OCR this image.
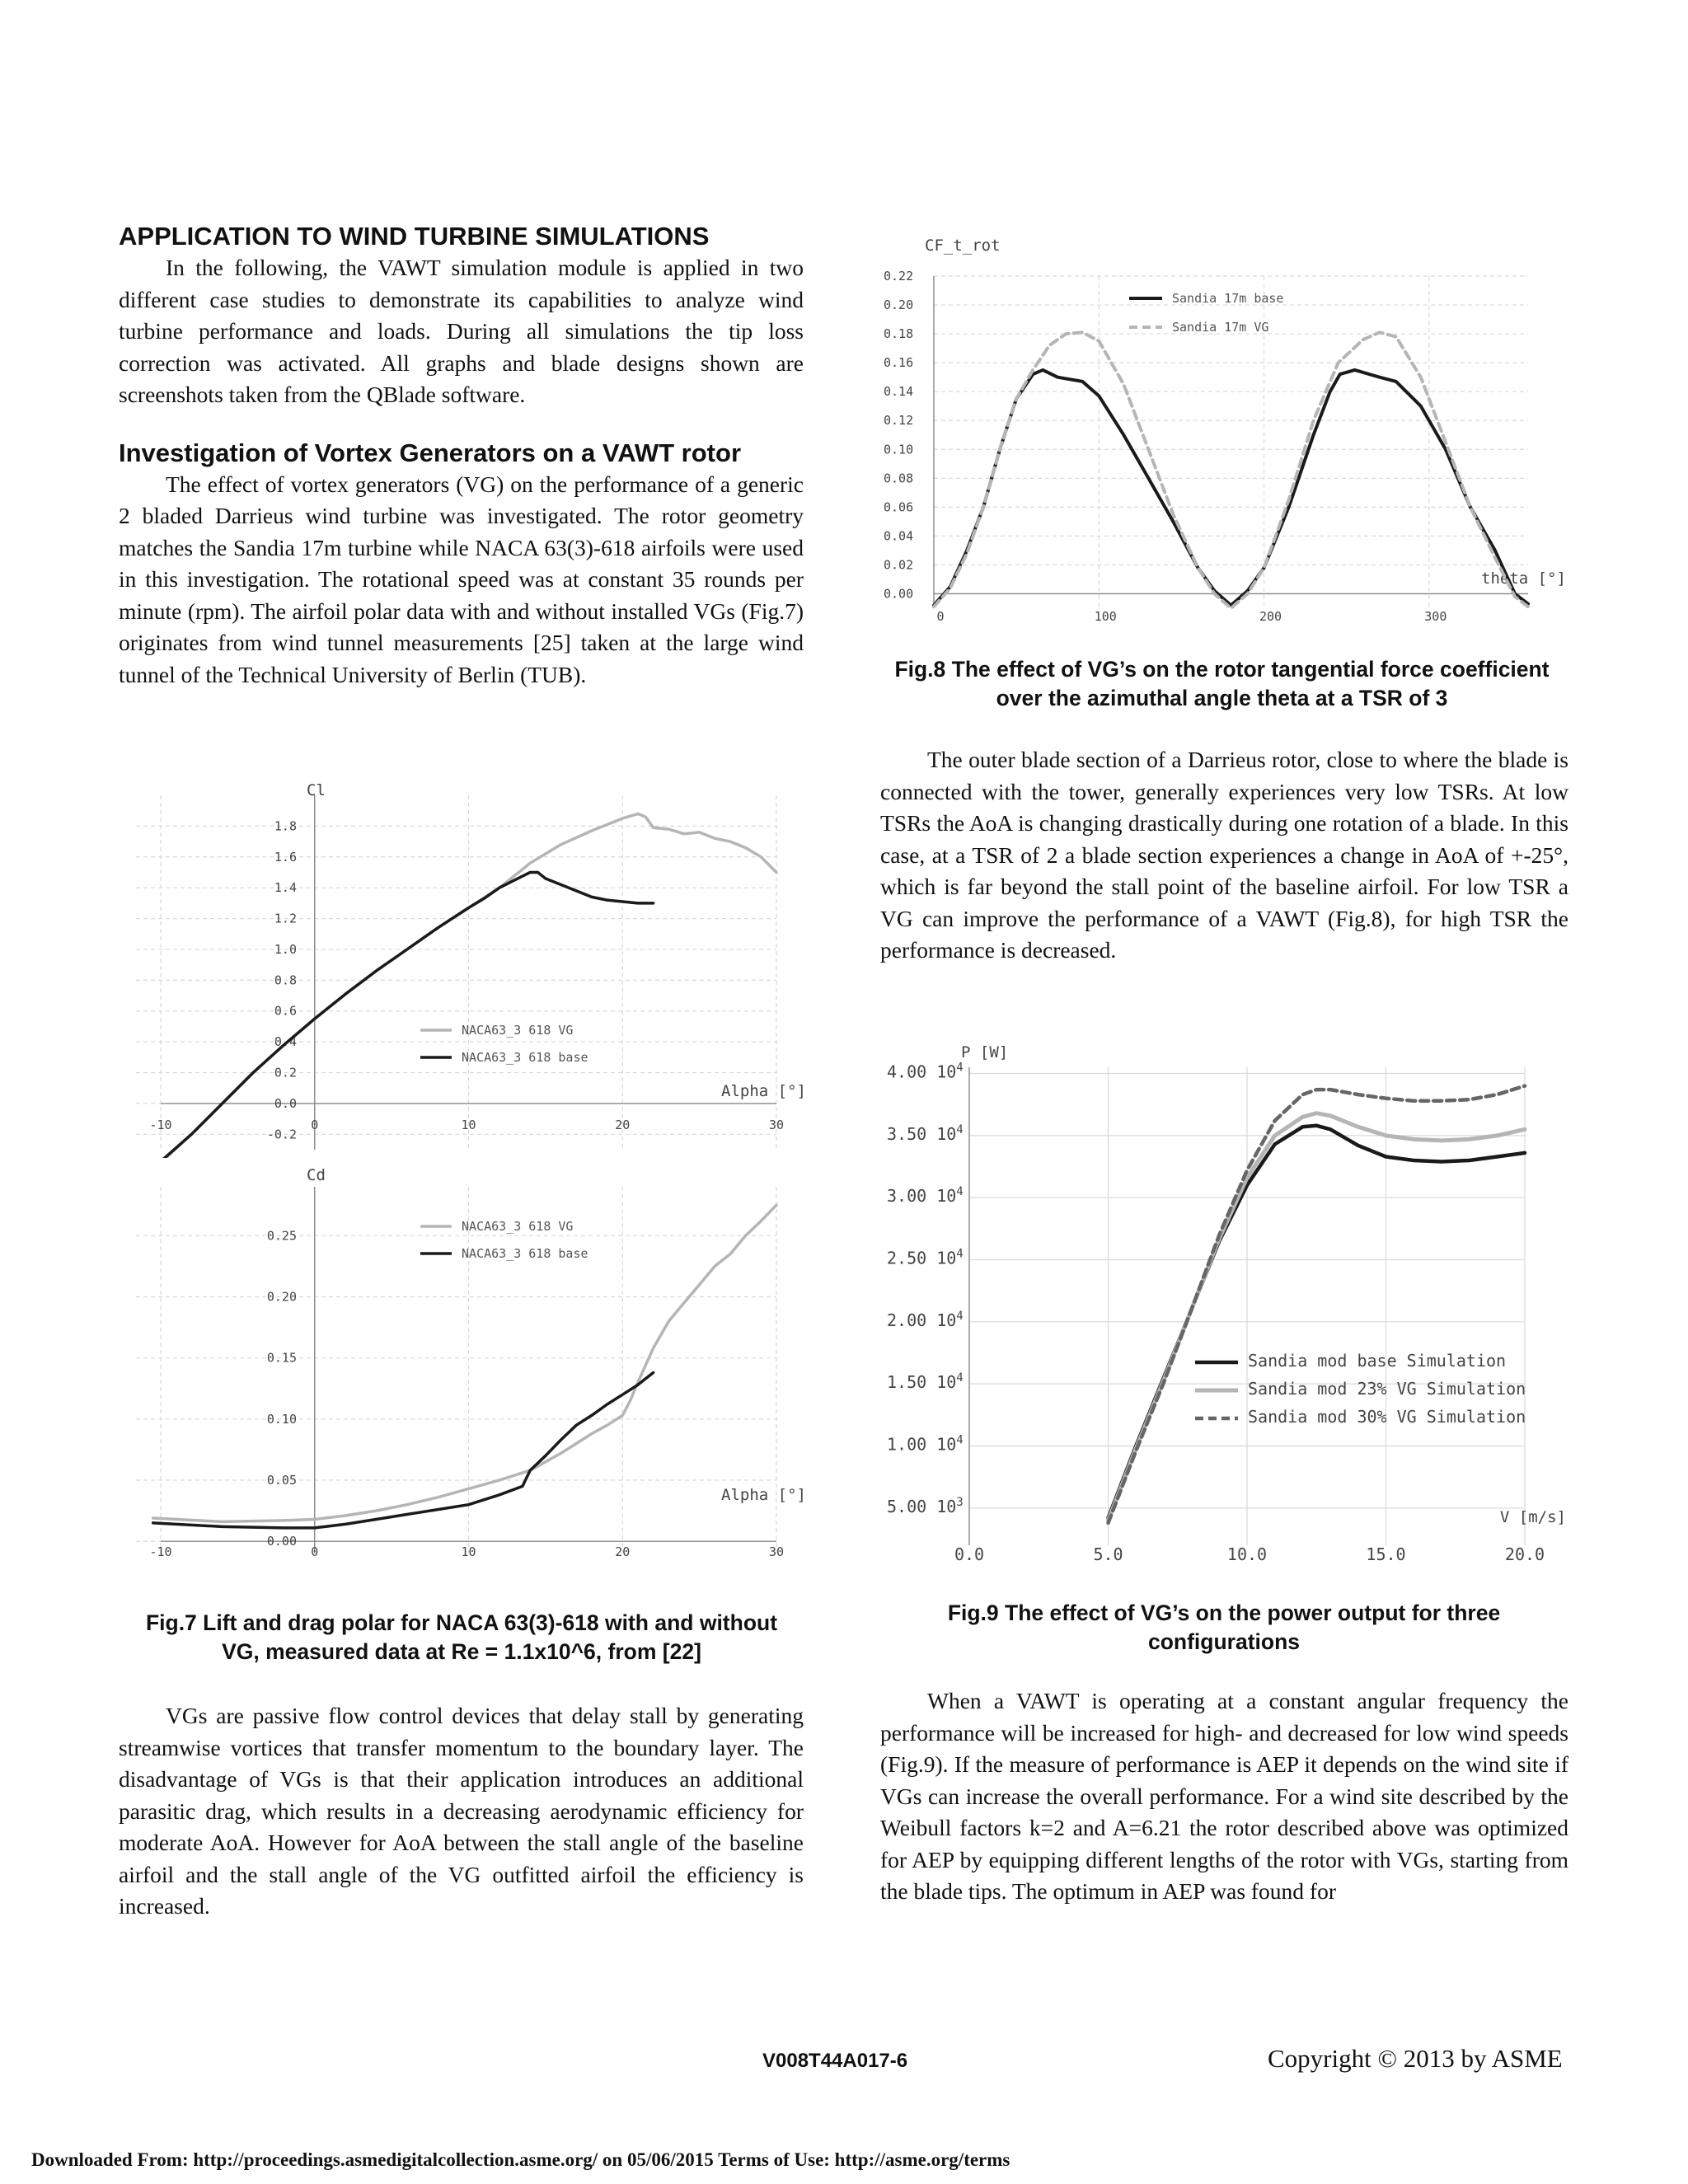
APPLICATION TO WIND TURBINE SIMULATIONS

In the following, the VAWT simulation module is applied in two different case studies to demonstrate its capabilities to analyze wind turbine performance and loads. During all simulations the tip loss correction was activated. All graphs and blade designs shown are screenshots taken from the QBlade software.

Investigation of Vortex Generators on a VAWT rotor

The effect of vortex generators (VG) on the performance of a generic 2 bladed Darrieus wind turbine was investigated. The rotor geometry matches the Sandia 17m turbine while NACA 63(3)-618 airfoils were used in this investigation. The rotational speed was at constant 35 rounds per minute (rpm). The airfoil polar data with and without installed VGs (Fig.7) originates from wind tunnel measurements [25] taken at the large wind tunnel of the Technical University of Berlin (TUB).

-0.2
0.0
0.2
0.4
0.6
0.8
1.0
1.2
1.4
1.6
1.8
-10	0	10	20	30
Cl
Alpha [°]
NACA63_3 618 VG
NACA63_3 618 base
0.00
0.05
0.10
0.15
0.20
0.25
-10	0	10	20	30
Cd
Alpha [°]
NACA63_3 618 VG
NACA63_3 618 base

Fig.7 Lift and drag polar for NACA 63(3)-618 with and without VG, measured data at Re = 1.1x10^6, from [22]

VGs are passive flow control devices that delay stall by generating streamwise vortices that transfer momentum to the boundary layer. The disadvantage of VGs is that their application introduces an additional parasitic drag, which results in a decreasing aerodynamic efficiency for moderate AoA. However for AoA between the stall angle of the baseline airfoil and the stall angle of the VG outfitted airfoil the efficiency is increased.

0.00
0.02
0.04
0.06
0.08
0.10
0.12
0.14
0.16
0.18
0.20
0.22
0	100	200	300
CF_t_rot
theta [°]
Sandia 17m base
Sandia 17m VG

Fig.8 The effect of VG’s on the rotor tangential force coefficient over the azimuthal angle theta at a TSR of 3

The outer blade section of a Darrieus rotor, close to where the blade is connected with the tower, generally experiences very low TSRs. At low TSRs the AoA is changing drastically during one rotation of a blade. In this case, at a TSR of 2 a blade section experiences a change in AoA of +-25°, which is far beyond the stall point of the baseline airfoil. For low TSR a VG can improve the performance of a VAWT (Fig.8), for high TSR the performance is decreased.

4.00 $10^4$
3.50 $10^4$
3.00 $10^4$
2.50 $10^4$
2.00 $10^4$
1.50 $10^4$
1.00 $10^4$
5.00 $10^3$
0.0	5.0	10.0	15.0	20.0
P [W]
V [m/s]
Sandia mod base Simulation
Sandia mod 23% VG Simulation
Sandia mod 30% VG Simulation

Fig.9 The effect of VG’s on the power output for three configurations

When a VAWT is operating at a constant angular frequency the performance will be increased for high- and decreased for low wind speeds (Fig.9). If the measure of performance is AEP it depends on the wind site if VGs can increase the overall performance. For a wind site described by the Weibull factors k=2 and A=6.21 the rotor described above was optimized for AEP by equipping different lengths of the rotor with VGs, starting from the blade tips. The optimum in AEP was found for

V008T44A017-6	Copyright © 2013 by ASME
Downloaded From: http://proceedings.asmedigitalcollection.asme.org/ on 05/06/2015 Terms of Use: http://asme.org/terms
